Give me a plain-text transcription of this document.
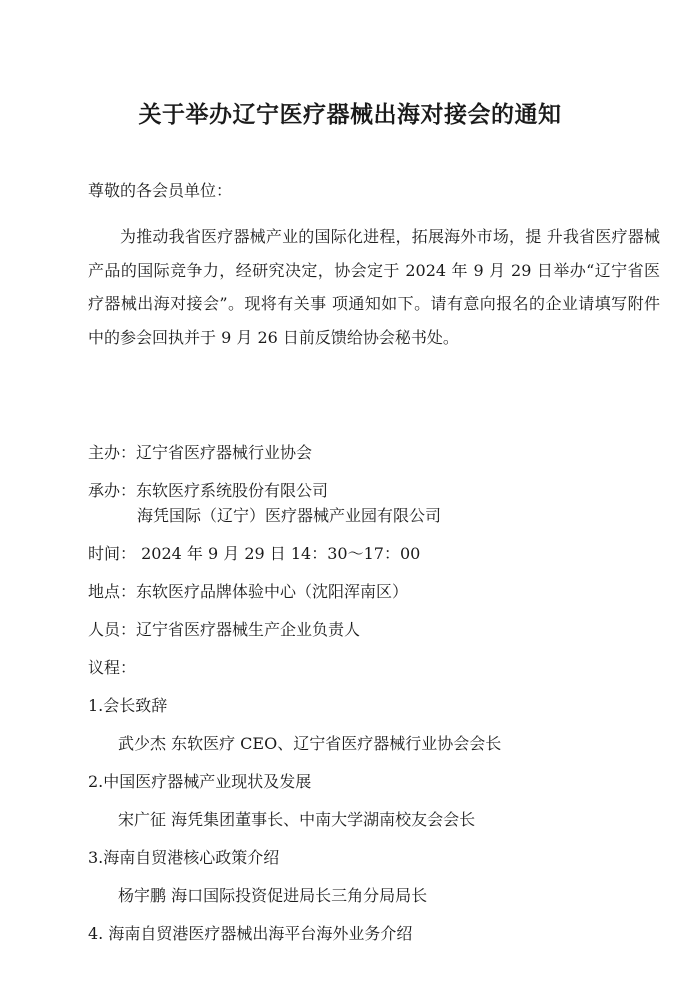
关于举办辽宁医疗器械出海对接会的通知
尊敬的各会员单位：
为推动我省医疗器械产业的国际化进程，拓展海外市场，提 升我省医疗器械产品的国际竞争力，经研究决定，协会定于 2024 年 9 月 29 日举办“辽宁省医疗器械出海对接会”。现将有关事 项通知如下。请有意向报名的企业请填写附件中的参会回执并于 9 月 26 日前反馈给协会秘书处。
主办：辽宁省医疗器械行业协会
承办：东软医疗系统股份有限公司
海凭国际（辽宁）医疗器械产业园有限公司
时间： 2024 年 9 月 29 日 14：30～17：00
地点：东软医疗品牌体验中心（沈阳浑南区）
人员：辽宁省医疗器械生产企业负责人
议程：
1.会长致辞
武少杰 东软医疗 CEO、辽宁省医疗器械行业协会会长
2.中国医疗器械产业现状及发展
宋广征 海凭集团董事长、中南大学湖南校友会会长
3.海南自贸港核心政策介绍
杨宇鹏 海口国际投资促进局长三角分局局长
4. 海南自贸港医疗器械出海平台海外业务介绍
